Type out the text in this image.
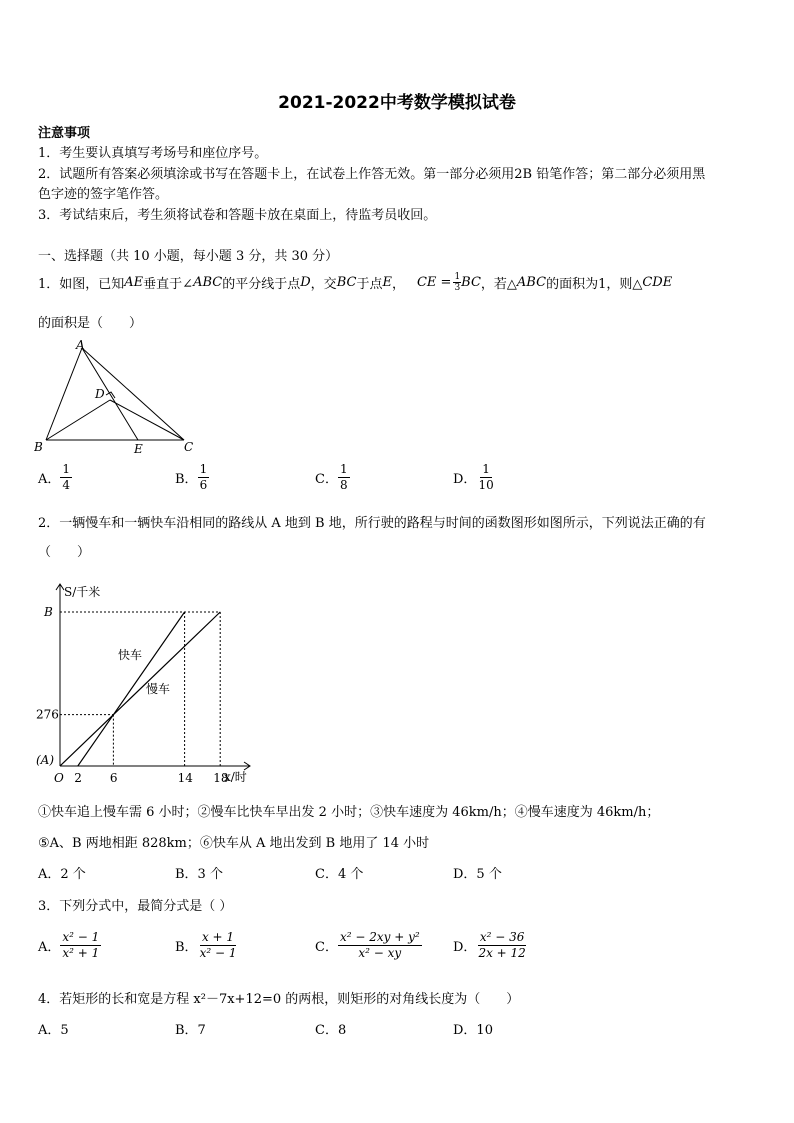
2021-2022中考数学模拟试卷
注意事项
1．考生要认真填写考场号和座位序号。
2．试题所有答案必须填涂或书写在答题卡上，在试卷上作答无效。第一部分必须用2B 铅笔作答；第二部分必须用黑
色字迹的签字笔作答。
3．考试结束后，考生须将试卷和答题卡放在桌面上，待监考员收回。
一、选择题（共 10 小题，每小题 3 分，共 30 分）
1．如图，已知 AE 垂直于∠ ABC 的平分线于点 D ，交 BC 于点 E ， CE = $\frac{1}{3}$ BC ，若△ ABC 的面积为1，则△ CDE
的面积是（　　）
A
B	C
D
E
A． $\frac{1}{4}$	B． $\frac{1}{6}$	C． $\frac{1}{8}$	D． $\frac{1}{10}$
2．一辆慢车和一辆快车沿相同的路线从 A 地到 B 地，所行驶的路程与时间的函数图形如图所示，下列说法正确的有
（　　）
O 2 6	14 18
B
276
(A)
S/千米
x/时
快车
慢车
①快车追上慢车需 6 小时；②慢车比快车早出发 2 小时；③快车速度为 46km/h；④慢车速度为 46km/h；
⑤A、B 两地相距 828km；⑥快车从 A 地出发到 B 地用了 14 小时
A．2 个	B．3 个	C．4 个	D．5 个
3．下列分式中，最简分式是（ ）
A． $\frac{\text{x² − 1}}{\text{x² + 1}}$	B． $\frac{x + 1}{\text{x² − 1}}$	C． $\frac{\text{x² − 2xy + y²}}{\text{x² − xy}}$ D． $\frac{\text{x² − 36}}{2x + 12}$
4．若矩形的长和宽是方程 x²－7x+12=0 的两根，则矩形的对角线长度为（　　）
A．5	B．7	C．8	D．10
